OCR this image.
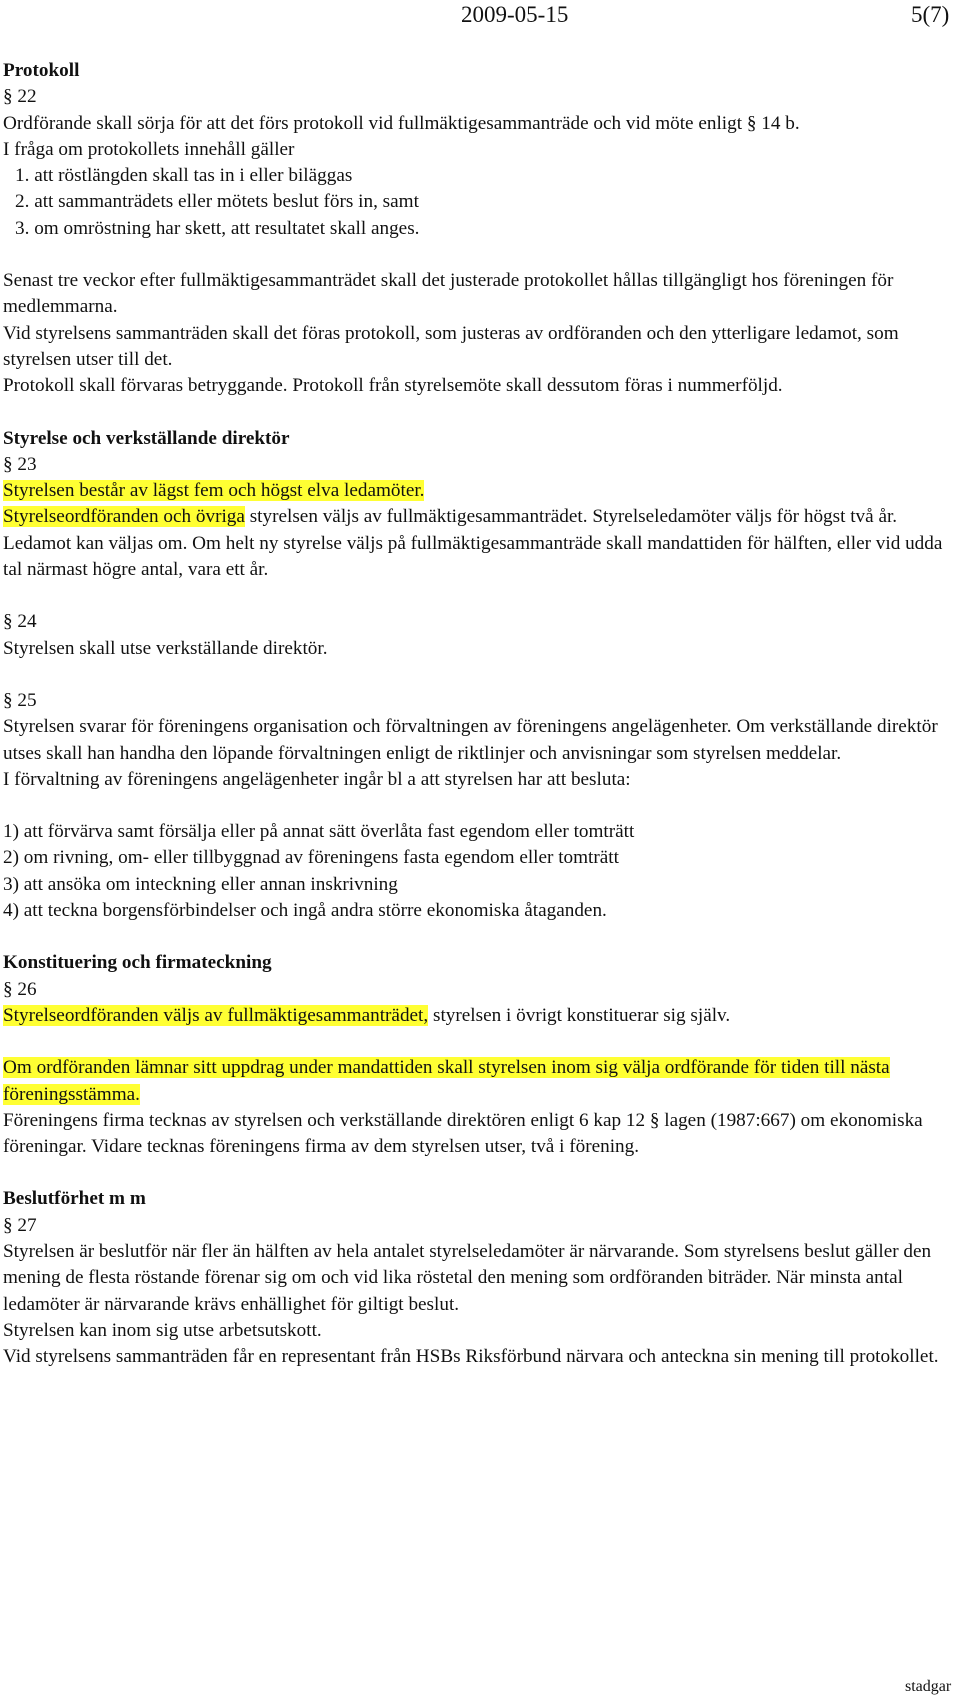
2009-05-15	5(7)

Protokoll

§ 22

Ordförande skall sörja för att det förs protokoll vid fullmäktigesammanträde och vid möte enligt § 14 b.

I fråga om protokollets innehåll gäller

1. att röstlängden skall tas in i eller biläggas
2. att sammanträdets eller mötets beslut förs in, samt
3. om omröstning har skett, att resultatet skall anges.

Senast tre veckor efter fullmäktigesammanträdet skall det justerade protokollet hållas tillgängligt hos föreningen för medlemmarna.

Vid styrelsens sammanträden skall det föras protokoll, som justeras av ordföranden och den ytterligare ledamot, som styrelsen utser till det.

Protokoll skall förvaras betryggande. Protokoll från styrelsemöte skall dessutom föras i nummerföljd.

Styrelse och verkställande direktör

§ 23

Styrelsen består av lägst fem och högst elva ledamöter.

Styrelseordföranden och övriga styrelsen väljs av fullmäktigesammanträdet. Styrelseledamöter väljs för högst två år. Ledamot kan väljas om. Om helt ny styrelse väljs på fullmäktigesammanträde skall mandattiden för hälften, eller vid udda tal närmast högre antal, vara ett år.

§ 24

Styrelsen skall utse verkställande direktör.

§ 25

Styrelsen svarar för föreningens organisation och förvaltningen av föreningens angelägenheter. Om verkställande direktör utses skall han handha den löpande förvaltningen enligt de riktlinjer och anvisningar som styrelsen meddelar.

I förvaltning av föreningens angelägenheter ingår bl a att styrelsen har att besluta:

1) att förvärva samt försälja eller på annat sätt överlåta fast egendom eller tomträtt

2) om rivning, om- eller tillbyggnad av föreningens fasta egendom eller tomträtt

3) att ansöka om inteckning eller annan inskrivning

4) att teckna borgensförbindelser och ingå andra större ekonomiska åtaganden.

Konstituering och firmateckning

§ 26

Styrelseordföranden väljs av fullmäktigesammanträdet, styrelsen i övrigt konstituerar sig själv.

Om ordföranden lämnar sitt uppdrag under mandattiden skall styrelsen inom sig välja ordförande för tiden till nästa föreningsstämma.

Föreningens firma tecknas av styrelsen och verkställande direktören enligt 6 kap 12 § lagen (1987:667) om ekonomiska föreningar. Vidare tecknas föreningens firma av dem styrelsen utser, två i förening.

Beslutförhet m m

§ 27

Styrelsen är beslutför när fler än hälften av hela antalet styrelseledamöter är närvarande. Som styrelsens beslut gäller den mening de flesta röstande förenar sig om och vid lika röstetal den mening som ordföranden biträder. När minsta antal ledamöter är närvarande krävs enhällighet för giltigt beslut.

Styrelsen kan inom sig utse arbetsutskott.

Vid styrelsens sammanträden får en representant från HSBs Riksförbund närvara och anteckna sin mening till protokollet.

stadgar
